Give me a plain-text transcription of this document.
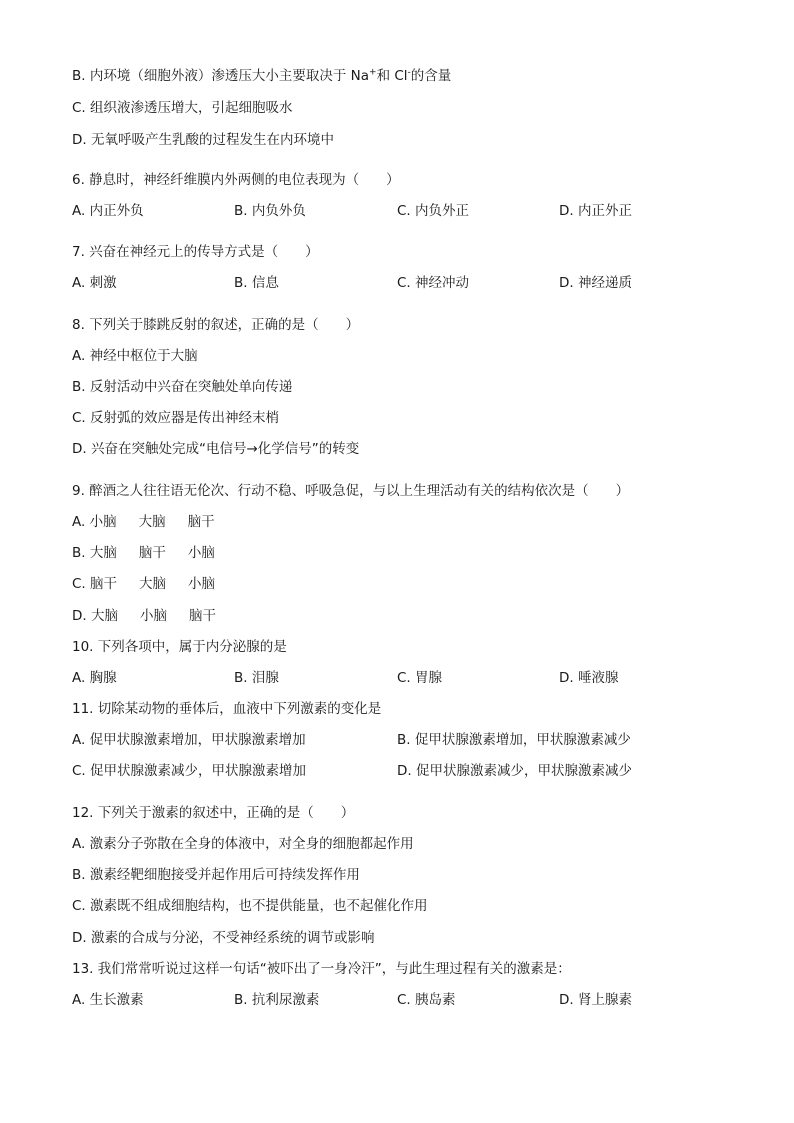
B. 内环境（细胞外液）渗透压大小主要取决于 Na+和 Cl-的含量
C. 组织液渗透压增大，引起细胞吸水
D. 无氧呼吸产生乳酸的过程发生在内环境中
6. 静息时，神经纤维膜内外两侧的电位表现为（　　）
A. 内正外负	B. 内负外负	C. 内负外正	D. 内正外正
7. 兴奋在神经元上的传导方式是（　　）
A. 刺激	B. 信息	C. 神经冲动	D. 神经递质
8. 下列关于膝跳反射的叙述，正确的是（　　）
A. 神经中枢位于大脑
B. 反射活动中兴奋在突触处单向传递
C. 反射弧的效应器是传出神经末梢
D. 兴奋在突触处完成“电信号→化学信号”的转变
9. 醉酒之人往往语无伦次、行动不稳、呼吸急促，与以上生理活动有关的结构依次是（　　）
A. 小脑 大脑 脑干
B. 大脑 脑干 小脑
C. 脑干 大脑 小脑
D. 大脑 小脑 脑干
10. 下列各项中，属于内分泌腺的是
A. 胸腺	B. 泪腺	C. 胃腺	D. 唾液腺
11. 切除某动物的垂体后，血液中下列激素的变化是
A. 促甲状腺激素增加，甲状腺激素增加	B. 促甲状腺激素增加，甲状腺激素减少
C. 促甲状腺激素减少，甲状腺激素增加	D. 促甲状腺激素减少，甲状腺激素减少
12. 下列关于激素的叙述中，正确的是（　　）
A. 激素分子弥散在全身的体液中，对全身的细胞都起作用
B. 激素经靶细胞接受并起作用后可持续发挥作用
C. 激素既不组成细胞结构，也不提供能量，也不起催化作用
D. 激素的合成与分泌，不受神经系统的调节或影响
13. 我们常常听说过这样一句话“被吓出了一身冷汗”，与此生理过程有关的激素是：
A. 生长激素	B. 抗利尿激素	C. 胰岛素	D. 肾上腺素
